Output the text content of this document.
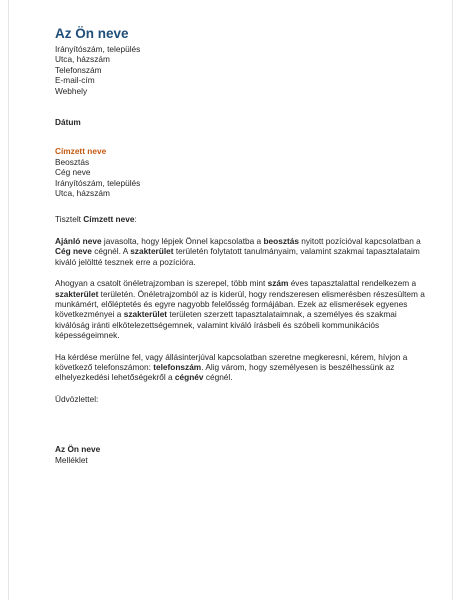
Az Ön neve
Irányítószám, település
Utca, házszám
Telefonszám
E-mail-cím
Webhely
Dátum
Címzett neve
Beosztás
Cég neve
Irányítószám, település
Utca, házszám
Tisztelt Címzett neve:
Ajánló neve javasolta, hogy lépjek Önnel kapcsolatba a beosztás nyitott pozícióval kapcsolatban a
Cég neve cégnél. A szakterület területén folytatott tanulmányaim, valamint szakmai tapasztalataim
kiváló jelöltté tesznek erre a pozícióra.
Ahogyan a csatolt önéletrajzomban is szerepel, több mint szám éves tapasztalattal rendelkezem a
szakterület területén. Önéletrajzomból az is kiderül, hogy rendszeresen elismerésben részesültem a
munkámért, előléptetés és egyre nagyobb felelősség formájában. Ezek az elismerések egyenes
következményei a szakterület területen szerzett tapasztalataimnak, a személyes és szakmai
kiválóság iránti elkötelezettségemnek, valamint kiváló írásbeli és szóbeli kommunikációs
képességeimnek.
Ha kérdése merülne fel, vagy állásinterjúval kapcsolatban szeretne megkeresni, kérem, hívjon a
következő telefonszámon: telefonszám. Alig várom, hogy személyesen is beszélhessünk az
elhelyezkedési lehetőségekről a cégnév cégnél.
Üdvözlettel:
Az Ön neve
Melléklet
